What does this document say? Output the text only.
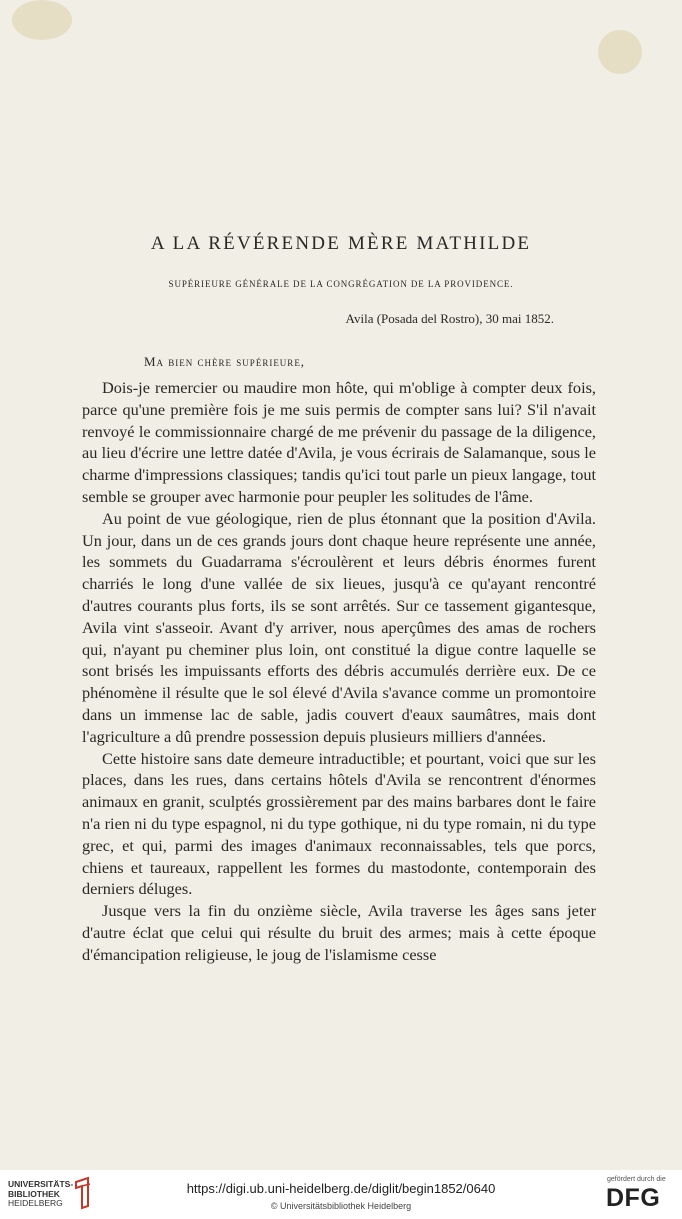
A LA RÉVÉRENDE MÈRE MATHILDE
SUPÉRIEURE GÉNÉRALE DE LA CONGRÉGATION DE LA PROVIDENCE.
Avila (Posada del Rostro), 30 mai 1852.
Ma bien chère supérieure,

Dois-je remercier ou maudire mon hôte, qui m'oblige à compter deux fois, parce qu'une première fois je me suis permis de compter sans lui? S'il n'avait renvoyé le commissionnaire chargé de me prévenir du passage de la diligence, au lieu d'écrire une lettre datée d'Avila, je vous écrirais de Salamanque, sous le charme d'impressions classiques; tandis qu'ici tout parle un pieux langage, tout semble se grouper avec harmonie pour peupler les solitudes de l'âme.

Au point de vue géologique, rien de plus étonnant que la position d'Avila. Un jour, dans un de ces grands jours dont chaque heure représente une année, les sommets du Guadarrama s'écroulèrent et leurs débris énormes furent charriés le long d'une vallée de six lieues, jusqu'à ce qu'ayant rencontré d'autres courants plus forts, ils se sont arrêtés. Sur ce tassement gigantesque, Avila vint s'asseoir. Avant d'y arriver, nous aperçûmes des amas de rochers qui, n'ayant pu cheminer plus loin, ont constitué la digue contre laquelle se sont brisés les impuissants efforts des débris accumulés derrière eux. De ce phénomène il résulte que le sol élevé d'Avila s'avance comme un promontoire dans un immense lac de sable, jadis couvert d'eaux saumâtres, mais dont l'agriculture a dû prendre possession depuis plusieurs milliers d'années.

Cette histoire sans date demeure intraductible; et pourtant, voici que sur les places, dans les rues, dans certains hôtels d'Avila se rencontrent d'énormes animaux en granit, sculptés grossièrement par des mains barbares dont le faire n'a rien ni du type espagnol, ni du type gothique, ni du type romain, ni du type grec, et qui, parmi des images d'animaux reconnaissables, tels que porcs, chiens et taureaux, rappellent les formes du mastodonte, contemporain des derniers déluges.

Jusque vers la fin du onzième siècle, Avila traverse les âges sans jeter d'autre éclat que celui qui résulte du bruit des armes; mais à cette époque d'émancipation religieuse, le joug de l'islamisme cesse

UNIVERSITÄTS-
BIBLIOTHEK
HEIDELBERG
https://digi.ub.uni-heidelberg.de/diglit/begin1852/0640
© Universitätsbibliothek Heidelberg
gefördert durch die
DFG
